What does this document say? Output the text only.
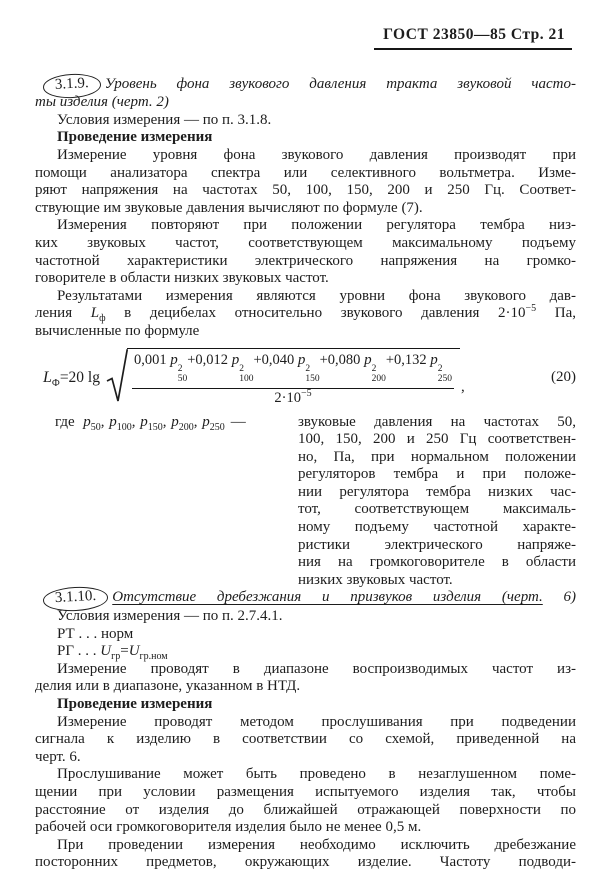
ГОСТ 23850—85 Стр. 21
3.1.9. Уровень фона звукового давления тракта звуковой часто-
ты изделия (черт. 2)
Условия измерения — по п. 3.1.8.
Проведение измерения
Измерение уровня фона звукового давления производят при
помощи анализатора спектра или селективного вольтметра. Изме-
ряют напряжения на частотах 50, 100, 150, 200 и 250 Гц. Соответ-
ствующие им звуковые давления вычисляют по формуле (7).
Измерения повторяют при положении регулятора тембра низ-
ких звуковых частот, соответствующем максимальному подъему
частотной характеристики электрического напряжения на громко-
говорителе в области низких звуковых частот.
Результатами измерения являются уровни фона звукового дав-
ления $L_ф$ в децибелах относительно звукового давления $2\cdot 10^{-5}$ Па,
вычисленные по формуле
$L_Ф=20$ lg
0,001 p
2
50
+0,012 p
2
100
+0,040 p
2
150
+0,080 p
2
200
+0,132 p
2
250
$2\cdot 10^{-5}$	,
(20)
где $p_{50}$, $p_{100}$, $p_{150}$, $p_{200}$, $p_{250}$ —	звуковые давления на частотах 50,
100, 150, 200 и 250 Гц соответствен-
но, Па, при нормальном положении
регуляторов тембра и при положе-
нии регулятора тембра низких час-
тот, соответствующем максималь-
ному подъему частотной характе-
ристики электрического напряже-
ния на громкоговорителе в области
низких звуковых частот.
3.1.10. Отсутствие дребезжания и призвуков изделия (черт. 6)
Условия измерения — по п. 2.7.4.1.
РТ . . . норм
РГ . . . $U_{гр}=U_{гр.ном}$
Измерение проводят в диапазоне воспроизводимых частот из-
делия или в диапазоне, указанном в НТД.
Проведение измерения
Измерение проводят методом прослушивания при подведении
сигнала к изделию в соответствии со схемой, приведенной на
черт. 6.
Прослушивание может быть проведено в незаглушенном поме-
щении при условии размещения испытуемого изделия так, чтобы
расстояние от изделия до ближайшей отражающей поверхности по
рабочей оси громкоговорителя изделия было не менее 0,5 м.
При проведении измерения необходимо исключить дребезжание
посторонних предметов, окружающих изделие. Частоту подводи-
